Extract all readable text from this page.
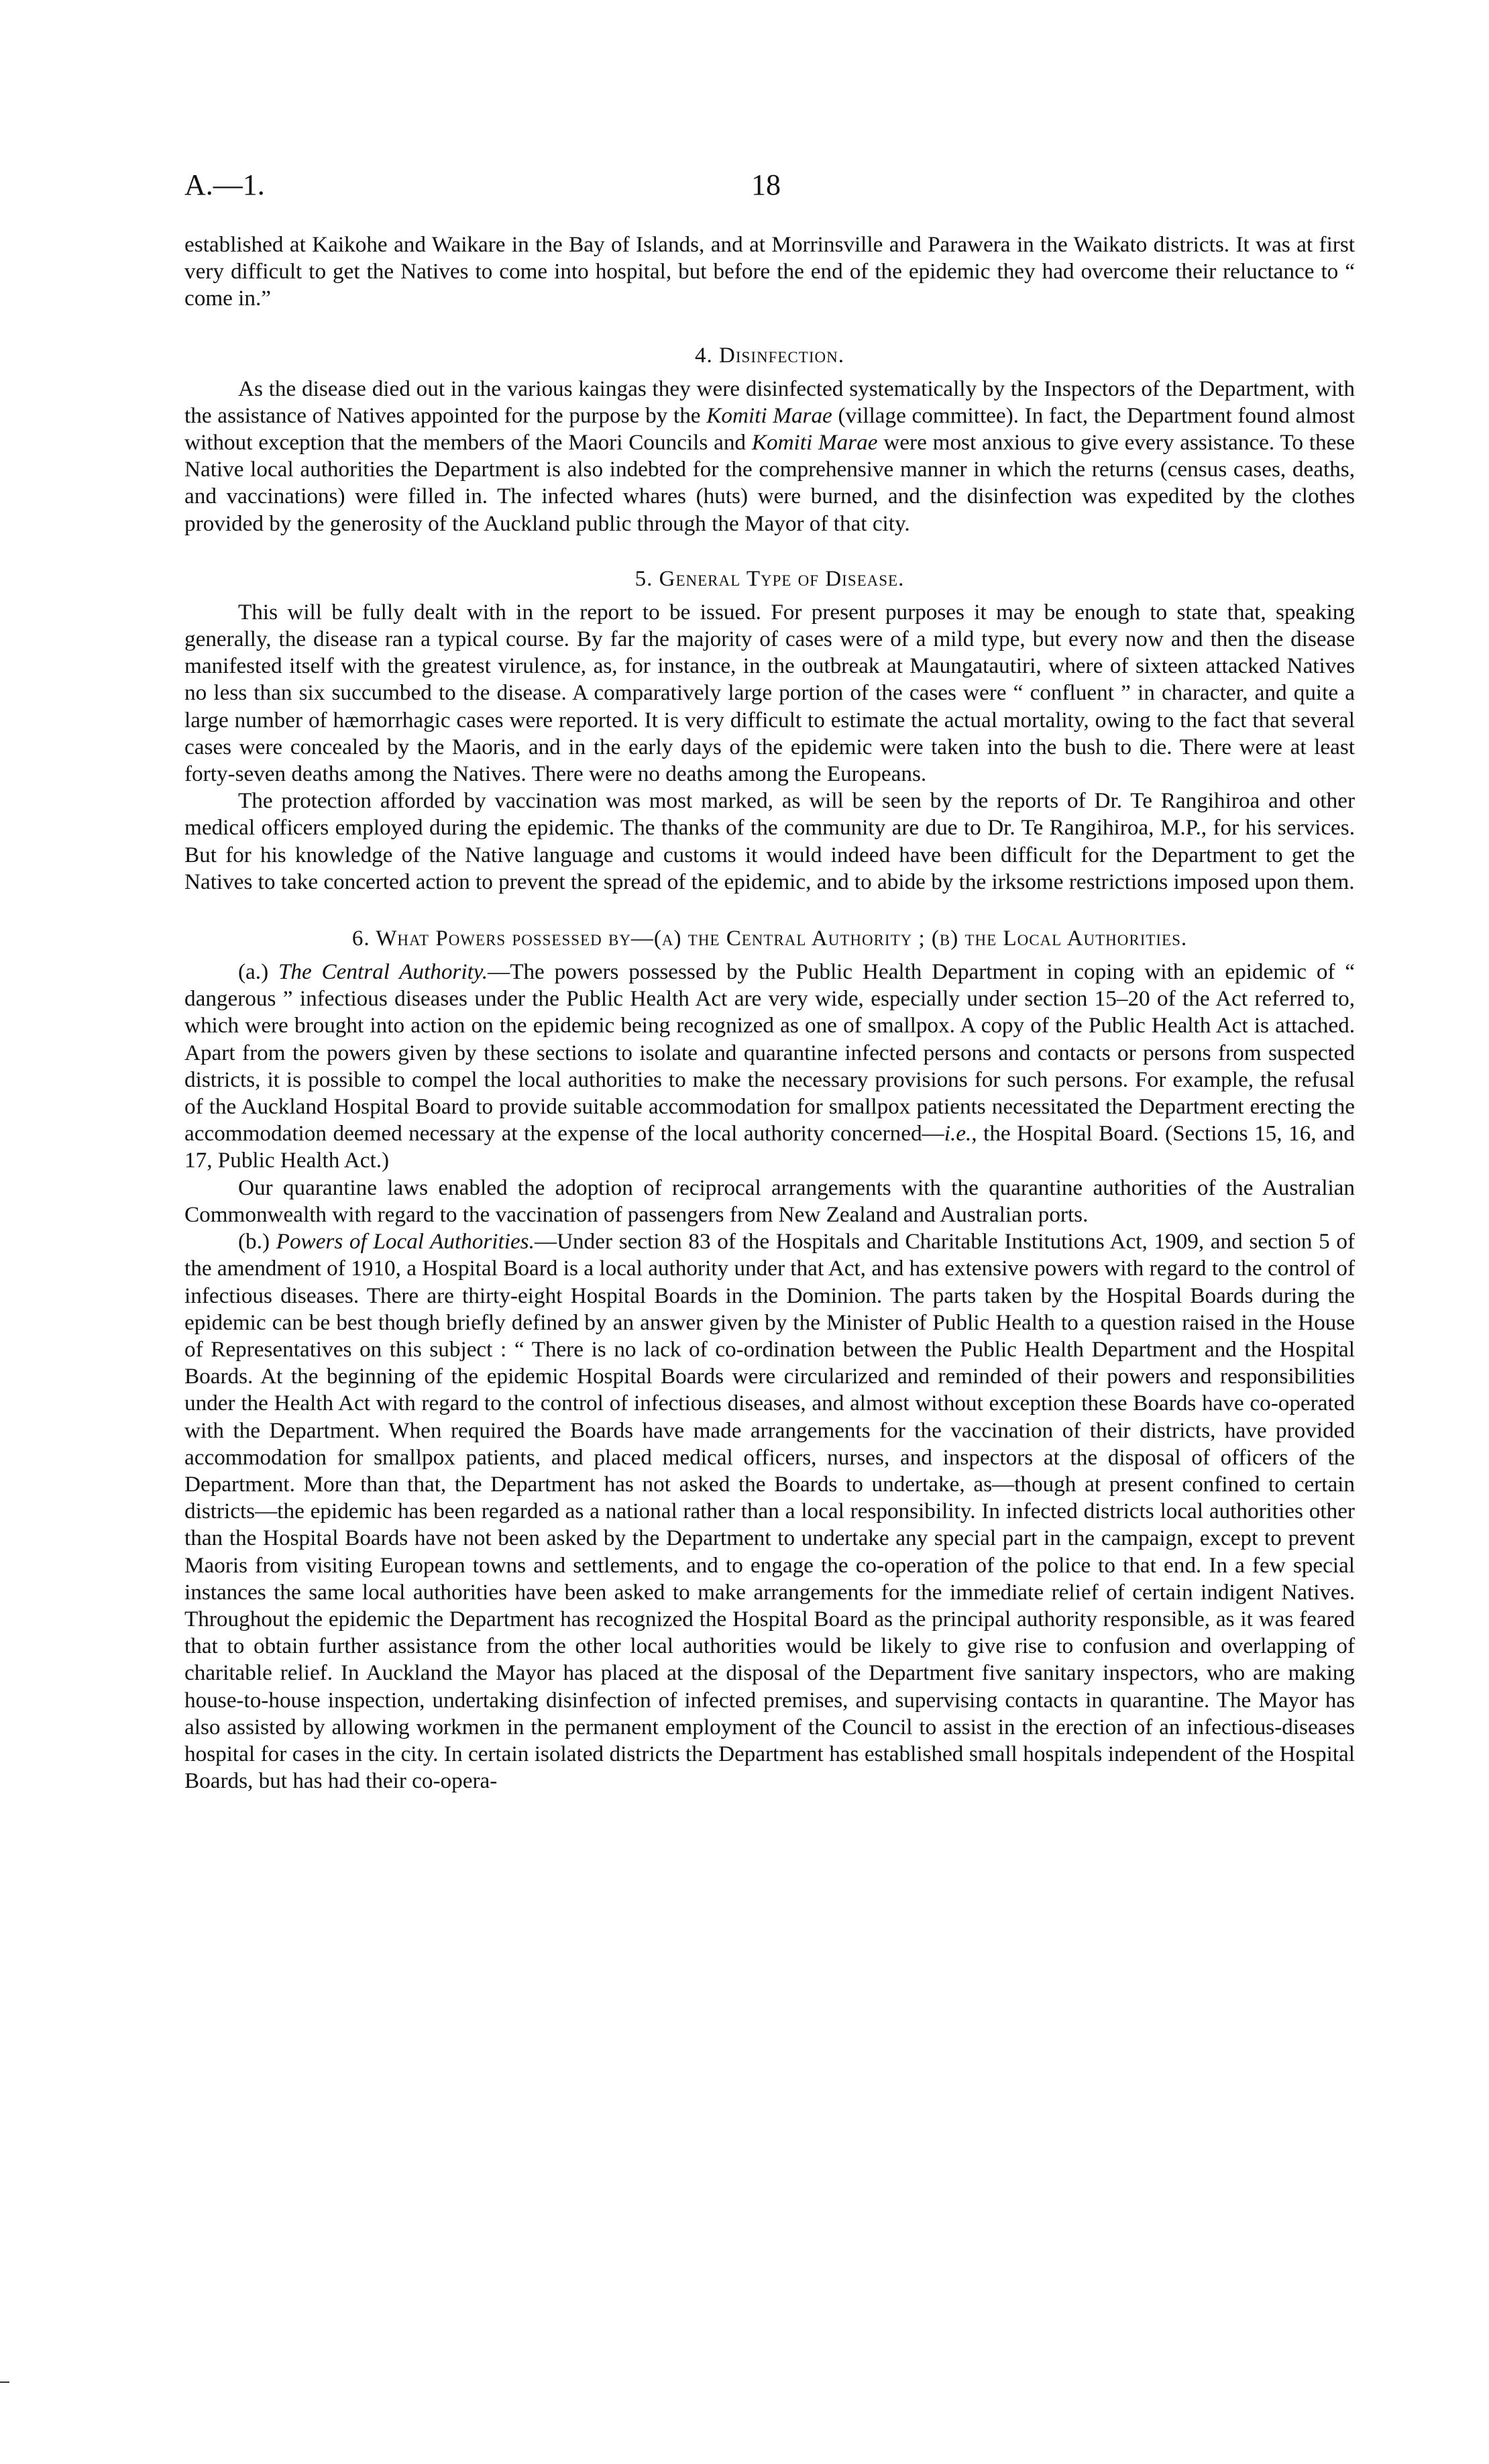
A.—1.	18

established at Kaikohe and Waikare in the Bay of Islands, and at Morrinsville and Parawera in the Waikato districts. It was at first very difficult to get the Natives to come into hospital, but before the end of the epidemic they had overcome their reluctance to “ come in.”

4. Disinfection.

As the disease died out in the various kaingas they were disinfected systematically by the Inspectors of the Department, with the assistance of Natives appointed for the purpose by the Komiti Marae (village committee). In fact, the Department found almost without exception that the members of the Maori Councils and Komiti Marae were most anxious to give every assistance. To these Native local authorities the Department is also indebted for the comprehensive manner in which the returns (census cases, deaths, and vaccinations) were filled in. The infected whares (huts) were burned, and the disinfection was expedited by the clothes provided by the generosity of the Auckland public through the Mayor of that city.

5. General Type of Disease.

This will be fully dealt with in the report to be issued. For present purposes it may be enough to state that, speaking generally, the disease ran a typical course. By far the majority of cases were of a mild type, but every now and then the disease manifested itself with the greatest virulence, as, for instance, in the outbreak at Maungatautiri, where of sixteen attacked Natives no less than six succumbed to the disease. A comparatively large portion of the cases were “ confluent ” in character, and quite a large number of hæmorrhagic cases were reported. It is very difficult to estimate the actual mortality, owing to the fact that several cases were concealed by the Maoris, and in the early days of the epidemic were taken into the bush to die. There were at least forty-seven deaths among the Natives. There were no deaths among the Europeans.

The protection afforded by vaccination was most marked, as will be seen by the reports of Dr. Te Rangihiroa and other medical officers employed during the epidemic. The thanks of the community are due to Dr. Te Rangihiroa, M.P., for his services. But for his knowledge of the Native language and customs it would indeed have been difficult for the Department to get the Natives to take concerted action to prevent the spread of the epidemic, and to abide by the irksome restrictions imposed upon them.

6. What Powers possessed by—(a) the Central Authority ; (b) the Local Authorities.

(a.) The Central Authority.—The powers possessed by the Public Health Department in coping with an epidemic of “ dangerous ” infectious diseases under the Public Health Act are very wide, especially under section 15–20 of the Act referred to, which were brought into action on the epidemic being recognized as one of smallpox. A copy of the Public Health Act is attached. Apart from the powers given by these sections to isolate and quarantine infected persons and contacts or persons from suspected districts, it is possible to compel the local authorities to make the necessary provisions for such persons. For example, the refusal of the Auckland Hospital Board to provide suitable accommodation for smallpox patients necessitated the Department erecting the accommodation deemed necessary at the expense of the local authority concerned—i.e., the Hospital Board. (Sections 15, 16, and 17, Public Health Act.)

Our quarantine laws enabled the adoption of reciprocal arrangements with the quarantine authorities of the Australian Commonwealth with regard to the vaccination of passengers from New Zealand and Australian ports.

(b.) Powers of Local Authorities.—Under section 83 of the Hospitals and Charitable Institutions Act, 1909, and section 5 of the amendment of 1910, a Hospital Board is a local authority under that Act, and has extensive powers with regard to the control of infectious diseases. There are thirty-eight Hospital Boards in the Dominion. The parts taken by the Hospital Boards during the epidemic can be best though briefly defined by an answer given by the Minister of Public Health to a question raised in the House of Representatives on this subject : “ There is no lack of co-ordination between the Public Health Department and the Hospital Boards. At the beginning of the epidemic Hospital Boards were circularized and reminded of their powers and responsibilities under the Health Act with regard to the control of infectious diseases, and almost without exception these Boards have co-operated with the Department. When required the Boards have made arrangements for the vaccination of their districts, have provided accommodation for smallpox patients, and placed medical officers, nurses, and inspectors at the disposal of officers of the Department. More than that, the Department has not asked the Boards to undertake, as—though at present confined to certain districts—the epidemic has been regarded as a national rather than a local responsibility. In infected districts local authorities other than the Hospital Boards have not been asked by the Department to undertake any special part in the campaign, except to prevent Maoris from visiting European towns and settlements, and to engage the co-operation of the police to that end. In a few special instances the same local authorities have been asked to make arrangements for the immediate relief of certain indigent Natives. Throughout the epidemic the Department has recognized the Hospital Board as the principal authority responsible, as it was feared that to obtain further assistance from the other local authorities would be likely to give rise to confusion and overlapping of charitable relief. In Auckland the Mayor has placed at the disposal of the Department five sanitary inspectors, who are making house-to-house inspection, undertaking disinfection of infected premises, and supervising contacts in quarantine. The Mayor has also assisted by allowing workmen in the permanent employment of the Council to assist in the erection of an infectious-diseases hospital for cases in the city. In certain isolated districts the Department has established small hospitals independent of the Hospital Boards, but has had their co-opera-
